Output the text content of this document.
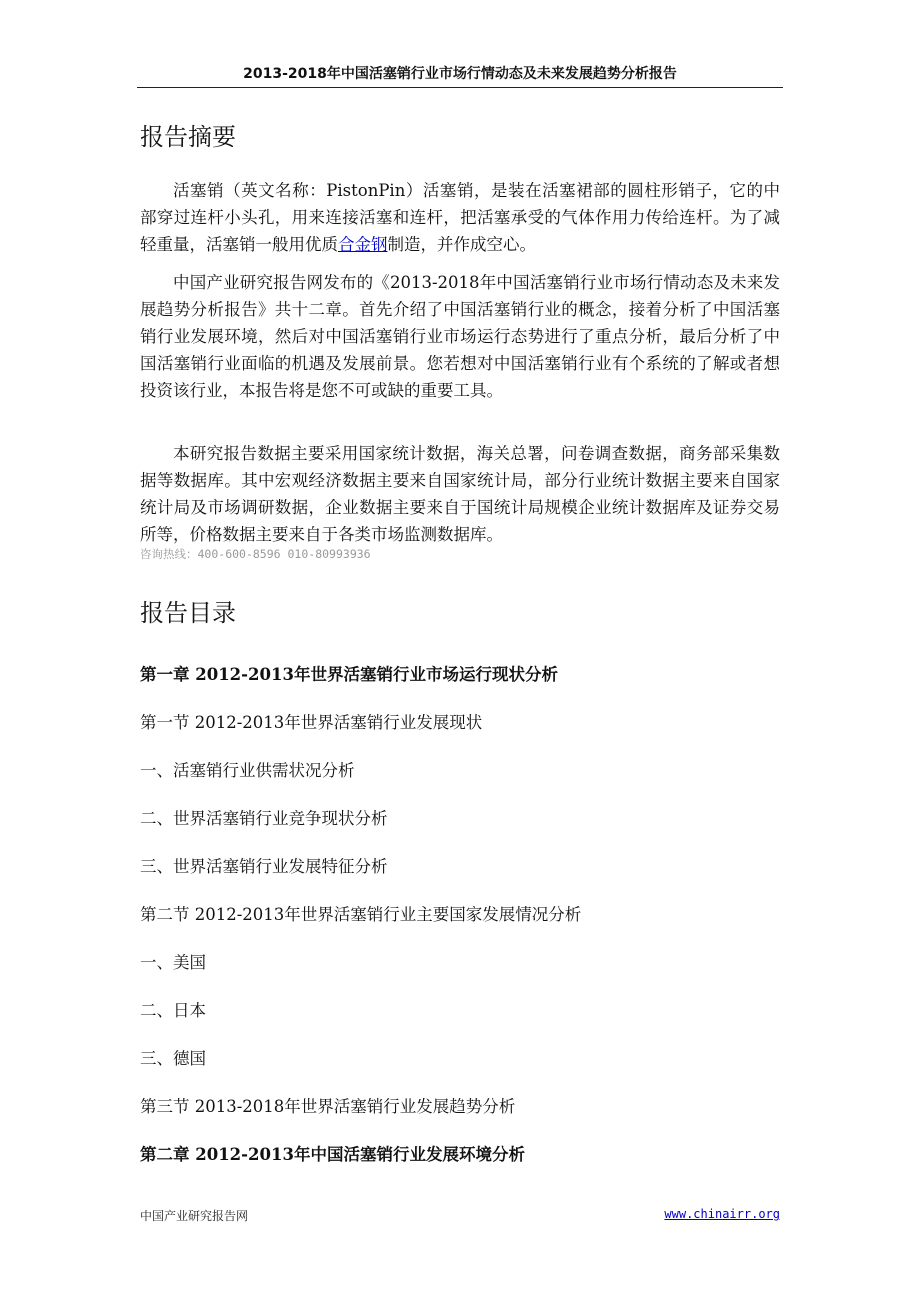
2013-2018年中国活塞销行业市场行情动态及未来发展趋势分析报告
报告摘要

活塞销（英文名称：PistonPin）活塞销，是装在活塞裙部的圆柱形销子，它的中部穿过连杆小头孔，用来连接活塞和连杆，把活塞承受的气体作用力传给连杆。为了减轻重量，活塞销一般用优质合金钢制造，并作成空心。

中国产业研究报告网发布的《2013-2018年中国活塞销行业市场行情动态及未来发展趋势分析报告》共十二章。首先介绍了中国活塞销行业的概念，接着分析了中国活塞销行业发展环境，然后对中国活塞销行业市场运行态势进行了重点分析，最后分析了中国活塞销行业面临的机遇及发展前景。您若想对中国活塞销行业有个系统的了解或者想投资该行业，本报告将是您不可或缺的重要工具。

本研究报告数据主要采用国家统计数据，海关总署，问卷调查数据，商务部采集数据等数据库。其中宏观经济数据主要来自国家统计局，部分行业统计数据主要来自国家统计局及市场调研数据，企业数据主要来自于国统计局规模企业统计数据库及证券交易所等，价格数据主要来自于各类市场监测数据库。

咨询热线：400-600-8596 010-80993936
报告目录
第一章 2012-2013年世界活塞销行业市场运行现状分析
第一节 2012-2013年世界活塞销行业发展现状
一、活塞销行业供需状况分析
二、世界活塞销行业竞争现状分析
三、世界活塞销行业发展特征分析
第二节 2012-2013年世界活塞销行业主要国家发展情况分析
一、美国
二、日本
三、德国
第三节 2013-2018年世界活塞销行业发展趋势分析
第二章 2012-2013年中国活塞销行业发展环境分析
中国产业研究报告网	www.chinairr.org
